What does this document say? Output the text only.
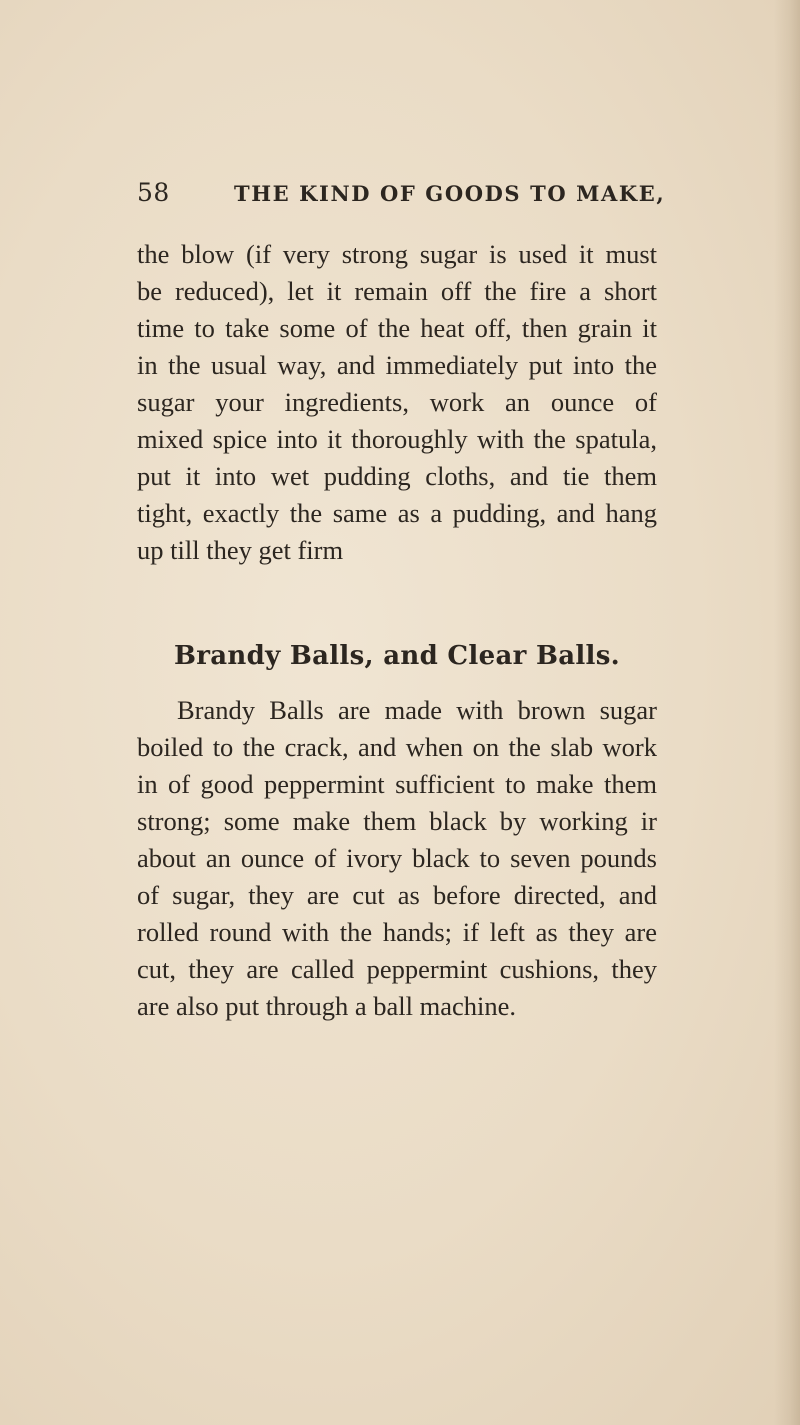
58	THE KIND OF GOODS TO MAKE,
the blow (if very strong sugar is used it must
be reduced), let it remain off the fire a short
time to take some of the heat off, then grain it
in the usual way, and immediately put into the
sugar your ingredients, work an ounce of
mixed spice into it thoroughly with the spatula,
put it into wet pudding cloths, and tie them
tight, exactly the same as a pudding, and hang
up till they get firm
Brandy Balls, and Clear Balls.
Brandy Balls are made with brown sugar
boiled to the crack, and when on the slab work
in of good peppermint sufficient to make them
strong; some make them black by working ir
about an ounce of ivory black to seven pounds
of sugar, they are cut as before directed, and
rolled round with the hands; if left as they are
cut, they are called peppermint cushions, they
are also put through a ball machine.
